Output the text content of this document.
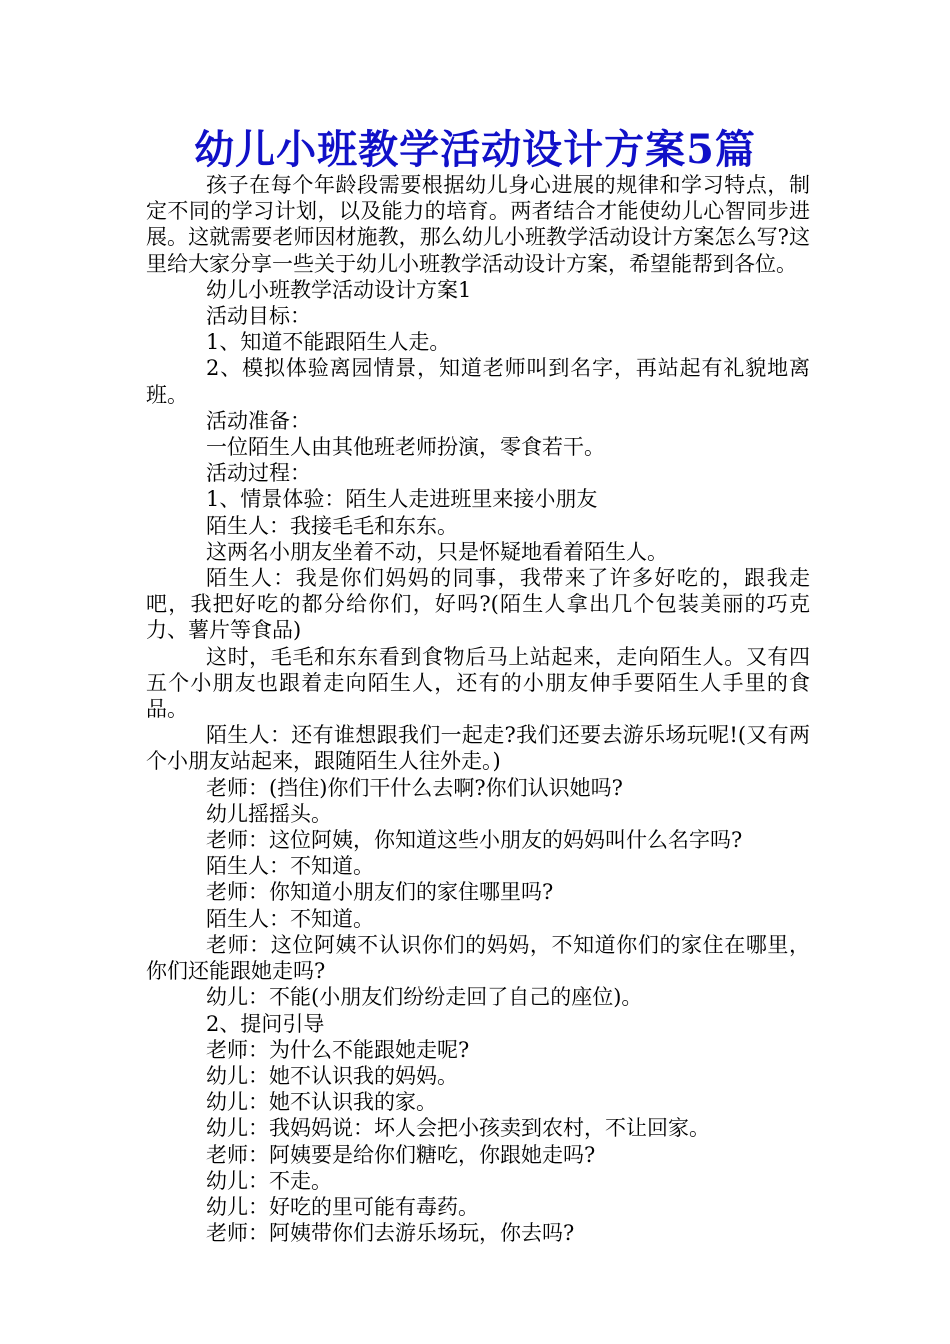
幼儿小班教学活动设计方案5篇

孩子在每个年龄段需要根据幼儿身心进展的规律和学习特点，制定不同的学习计划，以及能力的培育。两者结合才能使幼儿心智同步进展。这就需要老师因材施教，那么幼儿小班教学活动设计方案怎么写?这里给大家分享一些关于幼儿小班教学活动设计方案，希望能帮到各位。

幼儿小班教学活动设计方案1

活动目标：

1、知道不能跟陌生人走。

2、模拟体验离园情景，知道老师叫到名字，再站起有礼貌地离班。

活动准备：

一位陌生人由其他班老师扮演，零食若干。

活动过程：

1、情景体验：陌生人走进班里来接小朋友

陌生人：我接毛毛和东东。

这两名小朋友坐着不动，只是怀疑地看着陌生人。

陌生人：我是你们妈妈的同事，我带来了许多好吃的，跟我走吧，我把好吃的都分给你们，好吗?(陌生人拿出几个包装美丽的巧克力、薯片等食品)

这时，毛毛和东东看到食物后马上站起来，走向陌生人。又有四五个小朋友也跟着走向陌生人，还有的小朋友伸手要陌生人手里的食品。

陌生人：还有谁想跟我们一起走?我们还要去游乐场玩呢!(又有两个小朋友站起来，跟随陌生人往外走。)

老师：(挡住)你们干什么去啊?你们认识她吗?

幼儿摇摇头。

老师：这位阿姨，你知道这些小朋友的妈妈叫什么名字吗?

陌生人：不知道。

老师：你知道小朋友们的家住哪里吗?

陌生人：不知道。

老师：这位阿姨不认识你们的妈妈，不知道你们的家住在哪里，你们还能跟她走吗?

幼儿：不能(小朋友们纷纷走回了自己的座位)。

2、提问引导

老师：为什么不能跟她走呢?

幼儿：她不认识我的妈妈。

幼儿：她不认识我的家。

幼儿：我妈妈说：坏人会把小孩卖到农村，不让回家。

老师：阿姨要是给你们糖吃，你跟她走吗?

幼儿：不走。

幼儿：好吃的里可能有毒药。

老师：阿姨带你们去游乐场玩，你去吗?
